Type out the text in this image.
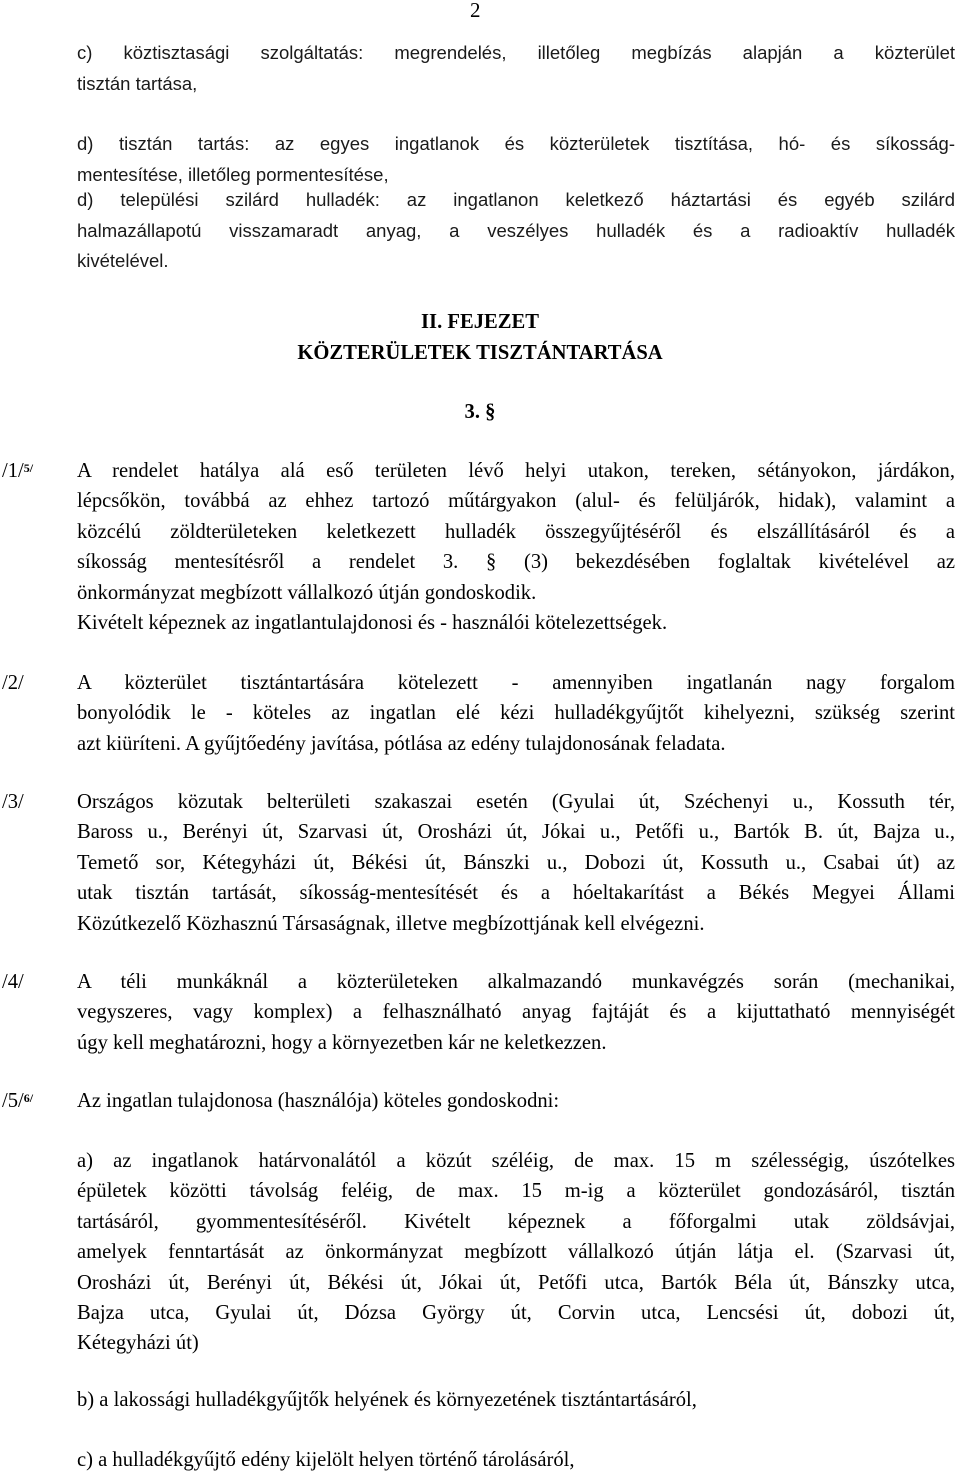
2
c) köztisztasági szolgáltatás: megrendelés, illetőleg megbízás alapján a közterület
tisztán tartása,
d) tisztán tartás: az egyes ingatlanok és közterületek tisztítása, hó- és síkosság-
mentesítése, illetőleg pormentesítése,
d) települési szilárd hulladék: az ingatlanon keletkező háztartási és egyéb szilárd
halmazállapotú visszamaradt anyag, a veszélyes hulladék és a radioaktív hulladék
kivételével.
II. FEJEZET
KÖZTERÜLETEK TISZTÁNTARTÁSA
3. §
/1/$^{5/}$ A rendelet hatálya alá eső területen lévő helyi utakon, tereken, sétányokon, járdákon,
lépcsőkön, továbbá az ehhez tartozó műtárgyakon (alul- és felüljárók, hidak), valamint a
közcélú zöldterületeken keletkezett hulladék összegyűjtéséről és elszállításáról és a
síkosság mentesítésről a rendelet 3. § (3) bekezdésében foglaltak kivételével az
önkormányzat megbízott vállalkozó útján gondoskodik.
Kivételt képeznek az ingatlantulajdonosi és - használói kötelezettségek.
/2/	A közterület tisztántartására kötelezett - amennyiben ingatlanán nagy forgalom
bonyolódik le - köteles az ingatlan elé kézi hulladékgyűjtőt kihelyezni, szükség szerint
azt kiüríteni. A gyűjtőedény javítása, pótlása az edény tulajdonosának feladata.
/3/	Országos közutak belterületi szakaszai esetén (Gyulai út, Széchenyi u., Kossuth tér,
Baross u., Berényi út, Szarvasi út, Orosházi út, Jókai u., Petőfi u., Bartók B. út, Bajza u.,
Temető sor, Kétegyházi út, Békési út, Bánszki u., Dobozi út, Kossuth u., Csabai út) az
utak tisztán tartását, síkosság-mentesítését és a hóeltakarítást a Békés Megyei Állami
Közútkezelő Közhasznú Társaságnak, illetve megbízottjának kell elvégezni.
/4/	A téli munkáknál a közterületeken alkalmazandó munkavégzés során (mechanikai,
vegyszeres, vagy komplex) a felhasználható anyag fajtáját és a kijuttatható mennyiségét
úgy kell meghatározni, hogy a környezetben kár ne keletkezzen.
/5/$^{6/}$ Az ingatlan tulajdonosa (használója) köteles gondoskodni:
a) az ingatlanok határvonalától a közút széléig, de max. 15 m szélességig, úszótelkes
épületek közötti távolság feléig, de max. 15 m-ig a közterület gondozásáról, tisztán
tartásáról, gyommentesítéséről. Kivételt képeznek a főforgalmi utak zöldsávjai,
amelyek fenntartását az önkormányzat megbízott vállalkozó útján látja el. (Szarvasi út,
Orosházi út, Berényi út, Békési út, Jókai út, Petőfi utca, Bartók Béla út, Bánszky utca,
Bajza utca, Gyulai út, Dózsa György út, Corvin utca, Lencsési út, dobozi út,
Kétegyházi út)
b) a lakossági hulladékgyűjtők helyének és környezetének tisztántartásáról,
c) a hulladékgyűjtő edény kijelölt helyen történő tárolásáról,
